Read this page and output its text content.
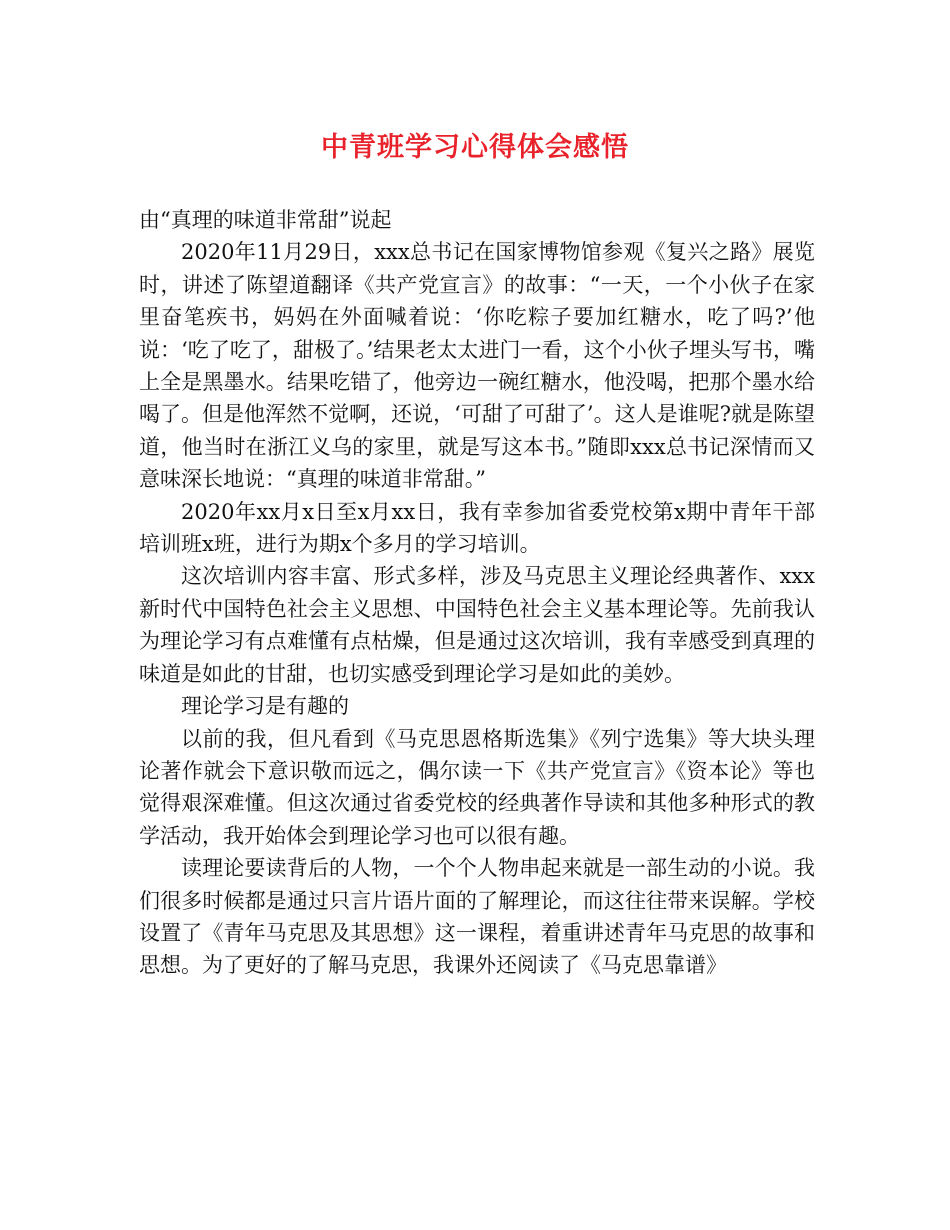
中青班学习心得体会感悟

由“真理的味道非常甜”说起

2020年11月29日，xxx总书记在国家博物馆参观《复兴之路》展览时，讲述了陈望道翻译《共产党宣言》的故事：“一天，一个小伙子在家里奋笔疾书，妈妈在外面喊着说：‘你吃粽子要加红糖水，吃了吗?’他说：‘吃了吃了，甜极了。’结果老太太进门一看，这个小伙子埋头写书，嘴上全是黑墨水。结果吃错了，他旁边一碗红糖水，他没喝，把那个墨水给喝了。但是他浑然不觉啊，还说，‘可甜了可甜了’。这人是谁呢?就是陈望道，他当时在浙江义乌的家里，就是写这本书。”随即xxx总书记深情而又意味深长地说：“真理的味道非常甜。”

2020年xx月x日至x月xx日，我有幸参加省委党校第x期中青年干部培训班x班，进行为期x个多月的学习培训。

这次培训内容丰富、形式多样，涉及马克思主义理论经典著作、xxx新时代中国特色社会主义思想、中国特色社会主义基本理论等。先前我认为理论学习有点难懂有点枯燥，但是通过这次培训，我有幸感受到真理的味道是如此的甘甜，也切实感受到理论学习是如此的美妙。

理论学习是有趣的

以前的我，但凡看到《马克思恩格斯选集》《列宁选集》等大块头理论著作就会下意识敬而远之，偶尔读一下《共产党宣言》《资本论》等也觉得艰深难懂。但这次通过省委党校的经典著作导读和其他多种形式的教学活动，我开始体会到理论学习也可以很有趣。

读理论要读背后的人物，一个个人物串起来就是一部生动的小说。我们很多时候都是通过只言片语片面的了解理论，而这往往带来误解。学校设置了《青年马克思及其思想》这一课程，着重讲述青年马克思的故事和思想。为了更好的了解马克思，我课外还阅读了《马克思靠谱》
